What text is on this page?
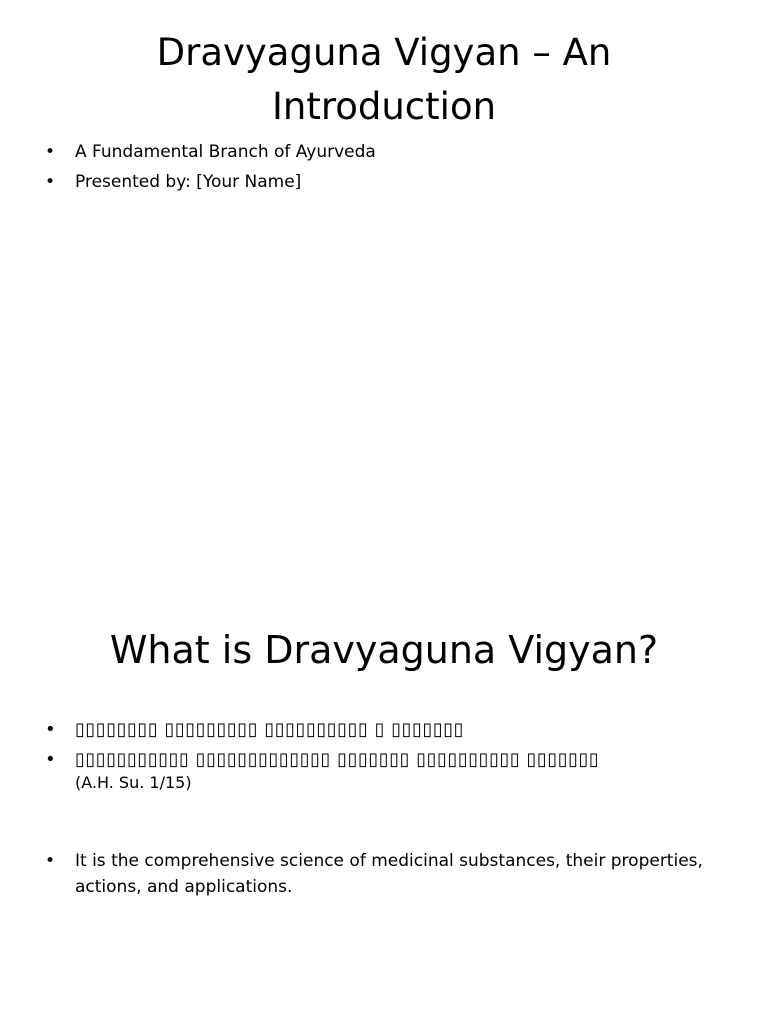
Dravyaguna Vigyan – An Introduction
• A Fundamental Branch of Ayurveda
• Presented by: [Your Name]
What is Dravyaguna Vigyan?
• ▯▯▯▯▯▯▯▯ ▯▯▯▯▯▯▯▯▯ ▯▯▯▯▯▯▯▯▯▯ ▯ ▯▯▯▯▯▯▯
• ▯▯▯▯▯▯▯▯▯▯▯ ▯▯▯▯▯▯▯▯▯▯▯▯▯ ▯▯▯▯▯▯▯ ▯▯▯▯▯▯▯▯▯▯ ▯▯▯▯▯▯▯
(A.H. Su. 1/15)
• It is the comprehensive science of medicinal substances, their properties, actions, and applications.
